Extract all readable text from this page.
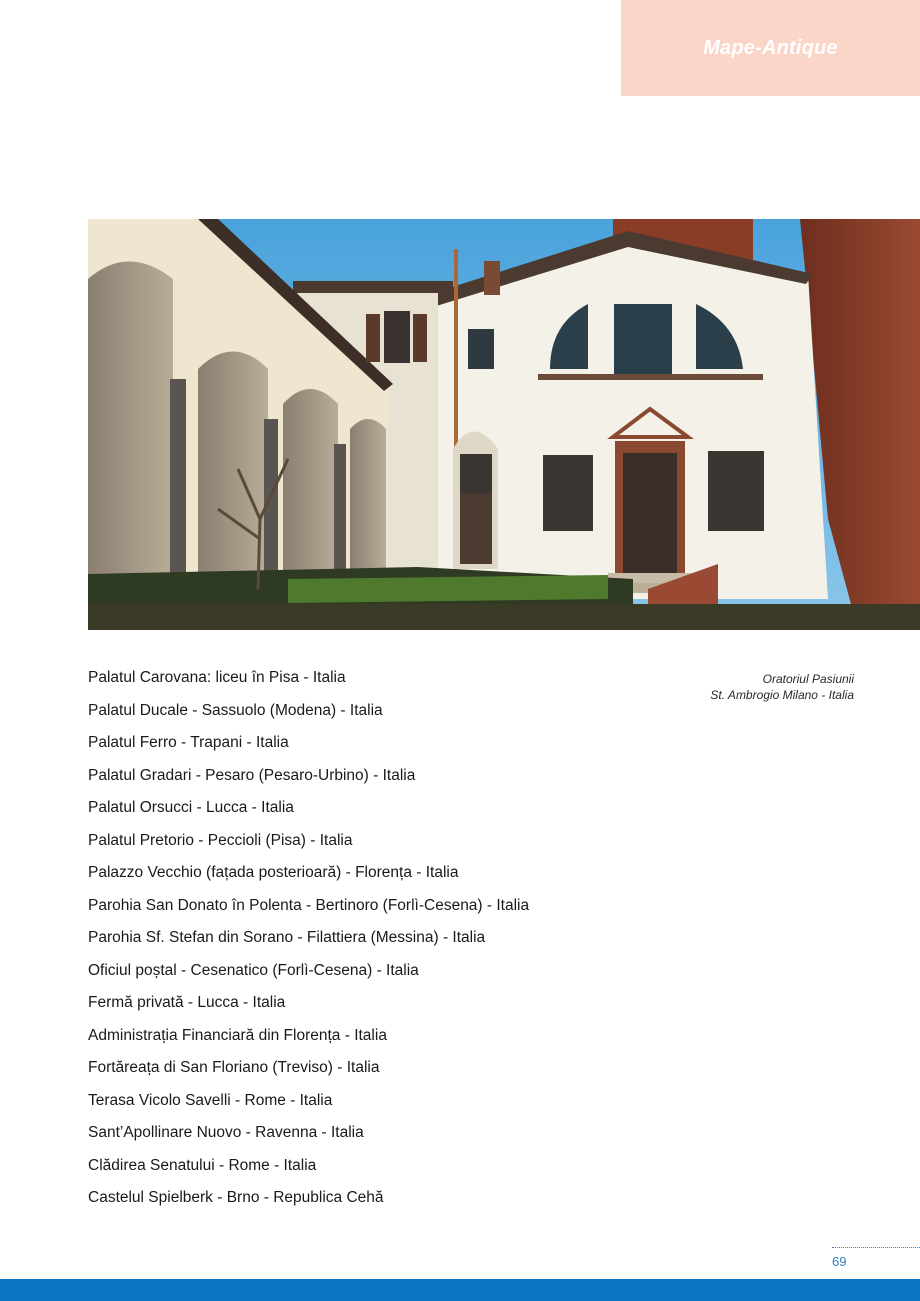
Mape-Antique
Oratoriul Pasiunii
St. Ambrogio Milano - Italia
Palatul Carovana: liceu în Pisa - Italia
Palatul Ducale - Sassuolo (Modena) - Italia
Palatul Ferro - Trapani - Italia
Palatul Gradari - Pesaro (Pesaro-Urbino) - Italia
Palatul Orsucci - Lucca - Italia
Palatul Pretorio - Peccioli (Pisa) - Italia
Palazzo Vecchio (fațada posterioară) - Florența - Italia
Parohia San Donato în Polenta - Bertinoro (Forlì-Cesena) - Italia
Parohia Sf. Stefan din Sorano - Filattiera (Messina) - Italia
Oficiul poștal - Cesenatico (Forlì-Cesena) - Italia
Fermă privată - Lucca - Italia
Administrația Financiară din Florența - Italia
Fortăreața di San Floriano (Treviso) - Italia
Terasa Vicolo Savelli - Rome - Italia
Sant’Apollinare Nuovo - Ravenna - Italia
Clădirea Senatului - Rome - Italia
Castelul Spielberk - Brno - Republica Cehă
69
